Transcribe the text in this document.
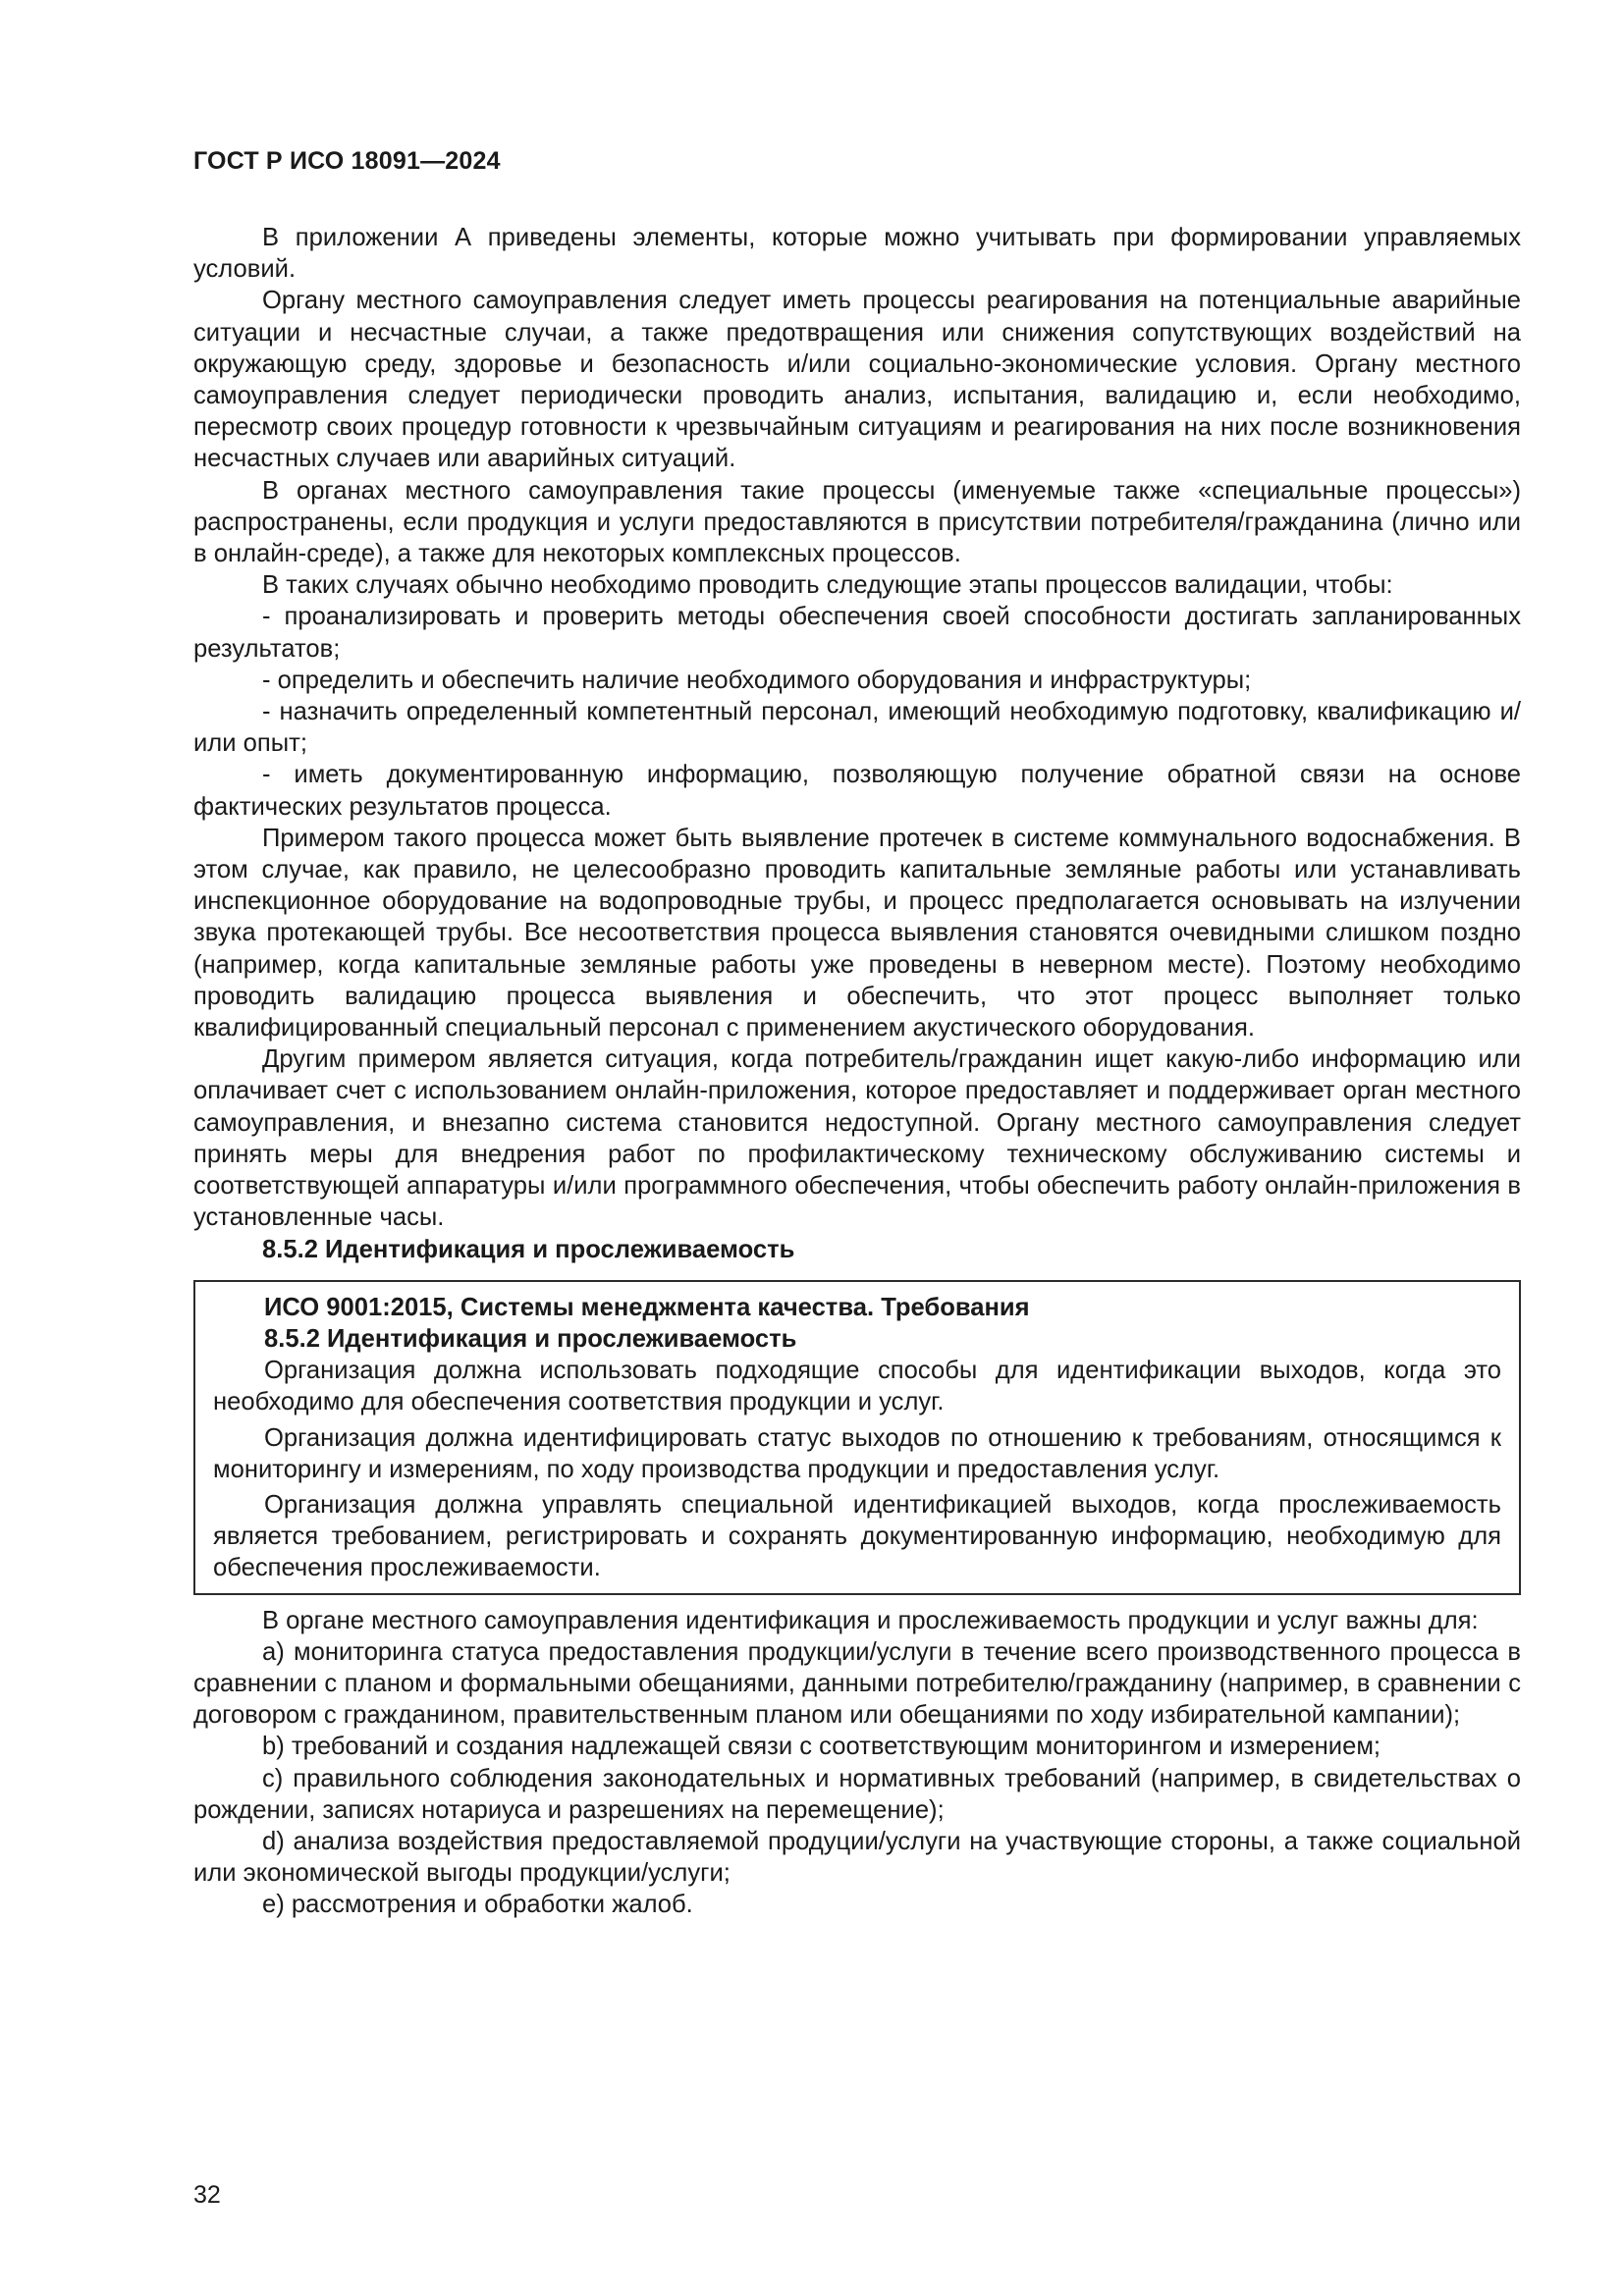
ГОСТ Р ИСО 18091—2024

В приложении А приведены элементы, которые можно учитывать при формировании управляемых условий.

Органу местного самоуправления следует иметь процессы реагирования на потенциальные аварийные ситуации и несчастные случаи, а также предотвращения или снижения сопутствующих воздействий на окружающую среду, здоровье и безопасность и/или социально-экономические условия. Органу местного самоуправления следует периодически проводить анализ, испытания, валидацию и, если необходимо, пересмотр своих процедур готовности к чрезвычайным ситуациям и реагирования на них после возникновения несчастных случаев или аварийных ситуаций.

В органах местного самоуправления такие процессы (именуемые также «специальные процессы») распространены, если продукция и услуги предоставляются в присутствии потребителя/гражданина (лично или в онлайн-среде), а также для некоторых комплексных процессов.

В таких случаях обычно необходимо проводить следующие этапы процессов валидации, чтобы:

- проанализировать и проверить методы обеспечения своей способности достигать запланированных результатов;

- определить и обеспечить наличие необходимого оборудования и инфраструктуры;

- назначить определенный компетентный персонал, имеющий необходимую подготовку, квалификацию и/или опыт;

- иметь документированную информацию, позволяющую получение обратной связи на основе фактических результатов процесса.

Примером такого процесса может быть выявление протечек в системе коммунального водоснабжения. В этом случае, как правило, не целесообразно проводить капитальные земляные работы или устанавливать инспекционное оборудование на водопроводные трубы, и процесс предполагается основывать на излучении звука протекающей трубы. Все несоответствия процесса выявления становятся очевидными слишком поздно (например, когда капитальные земляные работы уже проведены в неверном месте). Поэтому необходимо проводить валидацию процесса выявления и обеспечить, что этот процесс выполняет только квалифицированный специальный персонал с применением акустического оборудования.

Другим примером является ситуация, когда потребитель/гражданин ищет какую-либо информацию или оплачивает счет с использованием онлайн-приложения, которое предоставляет и поддерживает орган местного самоуправления, и внезапно система становится недоступной. Органу местного самоуправления следует принять меры для внедрения работ по профилактическому техническому обслуживанию системы и соответствующей аппаратуры и/или программного обеспечения, чтобы обеспечить работу онлайн-приложения в установленные часы.

8.5.2 Идентификация и прослеживаемость

ИСО 9001:2015, Системы менеджмента качества. Требования

8.5.2 Идентификация и прослеживаемость

Организация должна использовать подходящие способы для идентификации выходов, когда это необходимо для обеспечения соответствия продукции и услуг.

Организация должна идентифицировать статус выходов по отношению к требованиям, относящимся к мониторингу и измерениям, по ходу производства продукции и предоставления услуг.

Организация должна управлять специальной идентификацией выходов, когда прослеживаемость является требованием, регистрировать и сохранять документированную информацию, необходимую для обеспечения прослеживаемости.

В органе местного самоуправления идентификация и прослеживаемость продукции и услуг важны для:

а) мониторинга статуса предоставления продукции/услуги в течение всего производственного процесса в сравнении с планом и формальными обещаниями, данными потребителю/гражданину (например, в сравнении с договором с гражданином, правительственным планом или обещаниями по ходу избирательной кампании);

b) требований и создания надлежащей связи с соответствующим мониторингом и измерением;

c) правильного соблюдения законодательных и нормативных требований (например, в свидетельствах о рождении, записях нотариуса и разрешениях на перемещение);

d) анализа воздействия предоставляемой продуции/услуги на участвующие стороны, а также социальной или экономической выгоды продукции/услуги;

е) рассмотрения и обработки жалоб.

32
